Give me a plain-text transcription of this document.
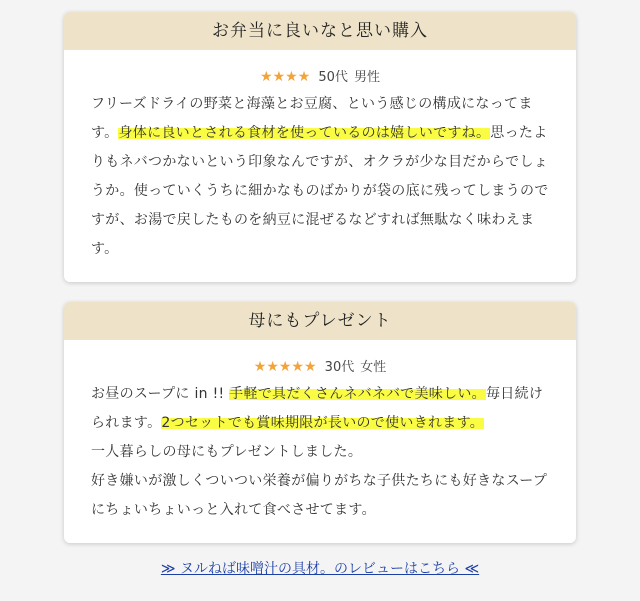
お弁当に良いなと思い購入
★★★★ 50代 男性
フリーズドライの野菜と海藻とお豆腐、という感じの構成になってます。身体に良いとされる食材を使っているのは嬉しいですね。思ったよりもネバつかないという印象なんですが、オクラが少な目だからでしょうか。使っていくうちに細かなものばかりが袋の底に残ってしまうのですが、お湯で戻したものを納豆に混ぜるなどすれば無駄なく味わえます。
母にもプレゼント
★★★★★ 30代 女性
お昼のスープに in !! 手軽で具だくさんネバネバで美味しい。毎日続けられます。2つセットでも賞味期限が長いので使いきれます。
一人暮らしの母にもプレゼントしました。
好き嫌いが激しくついつい栄養が偏りがちな子供たちにも好きなスープにちょいちょいっと入れて食べさせてます。
≫ ヌルねば味噌汁の具材。のレビューはこちら ≪
